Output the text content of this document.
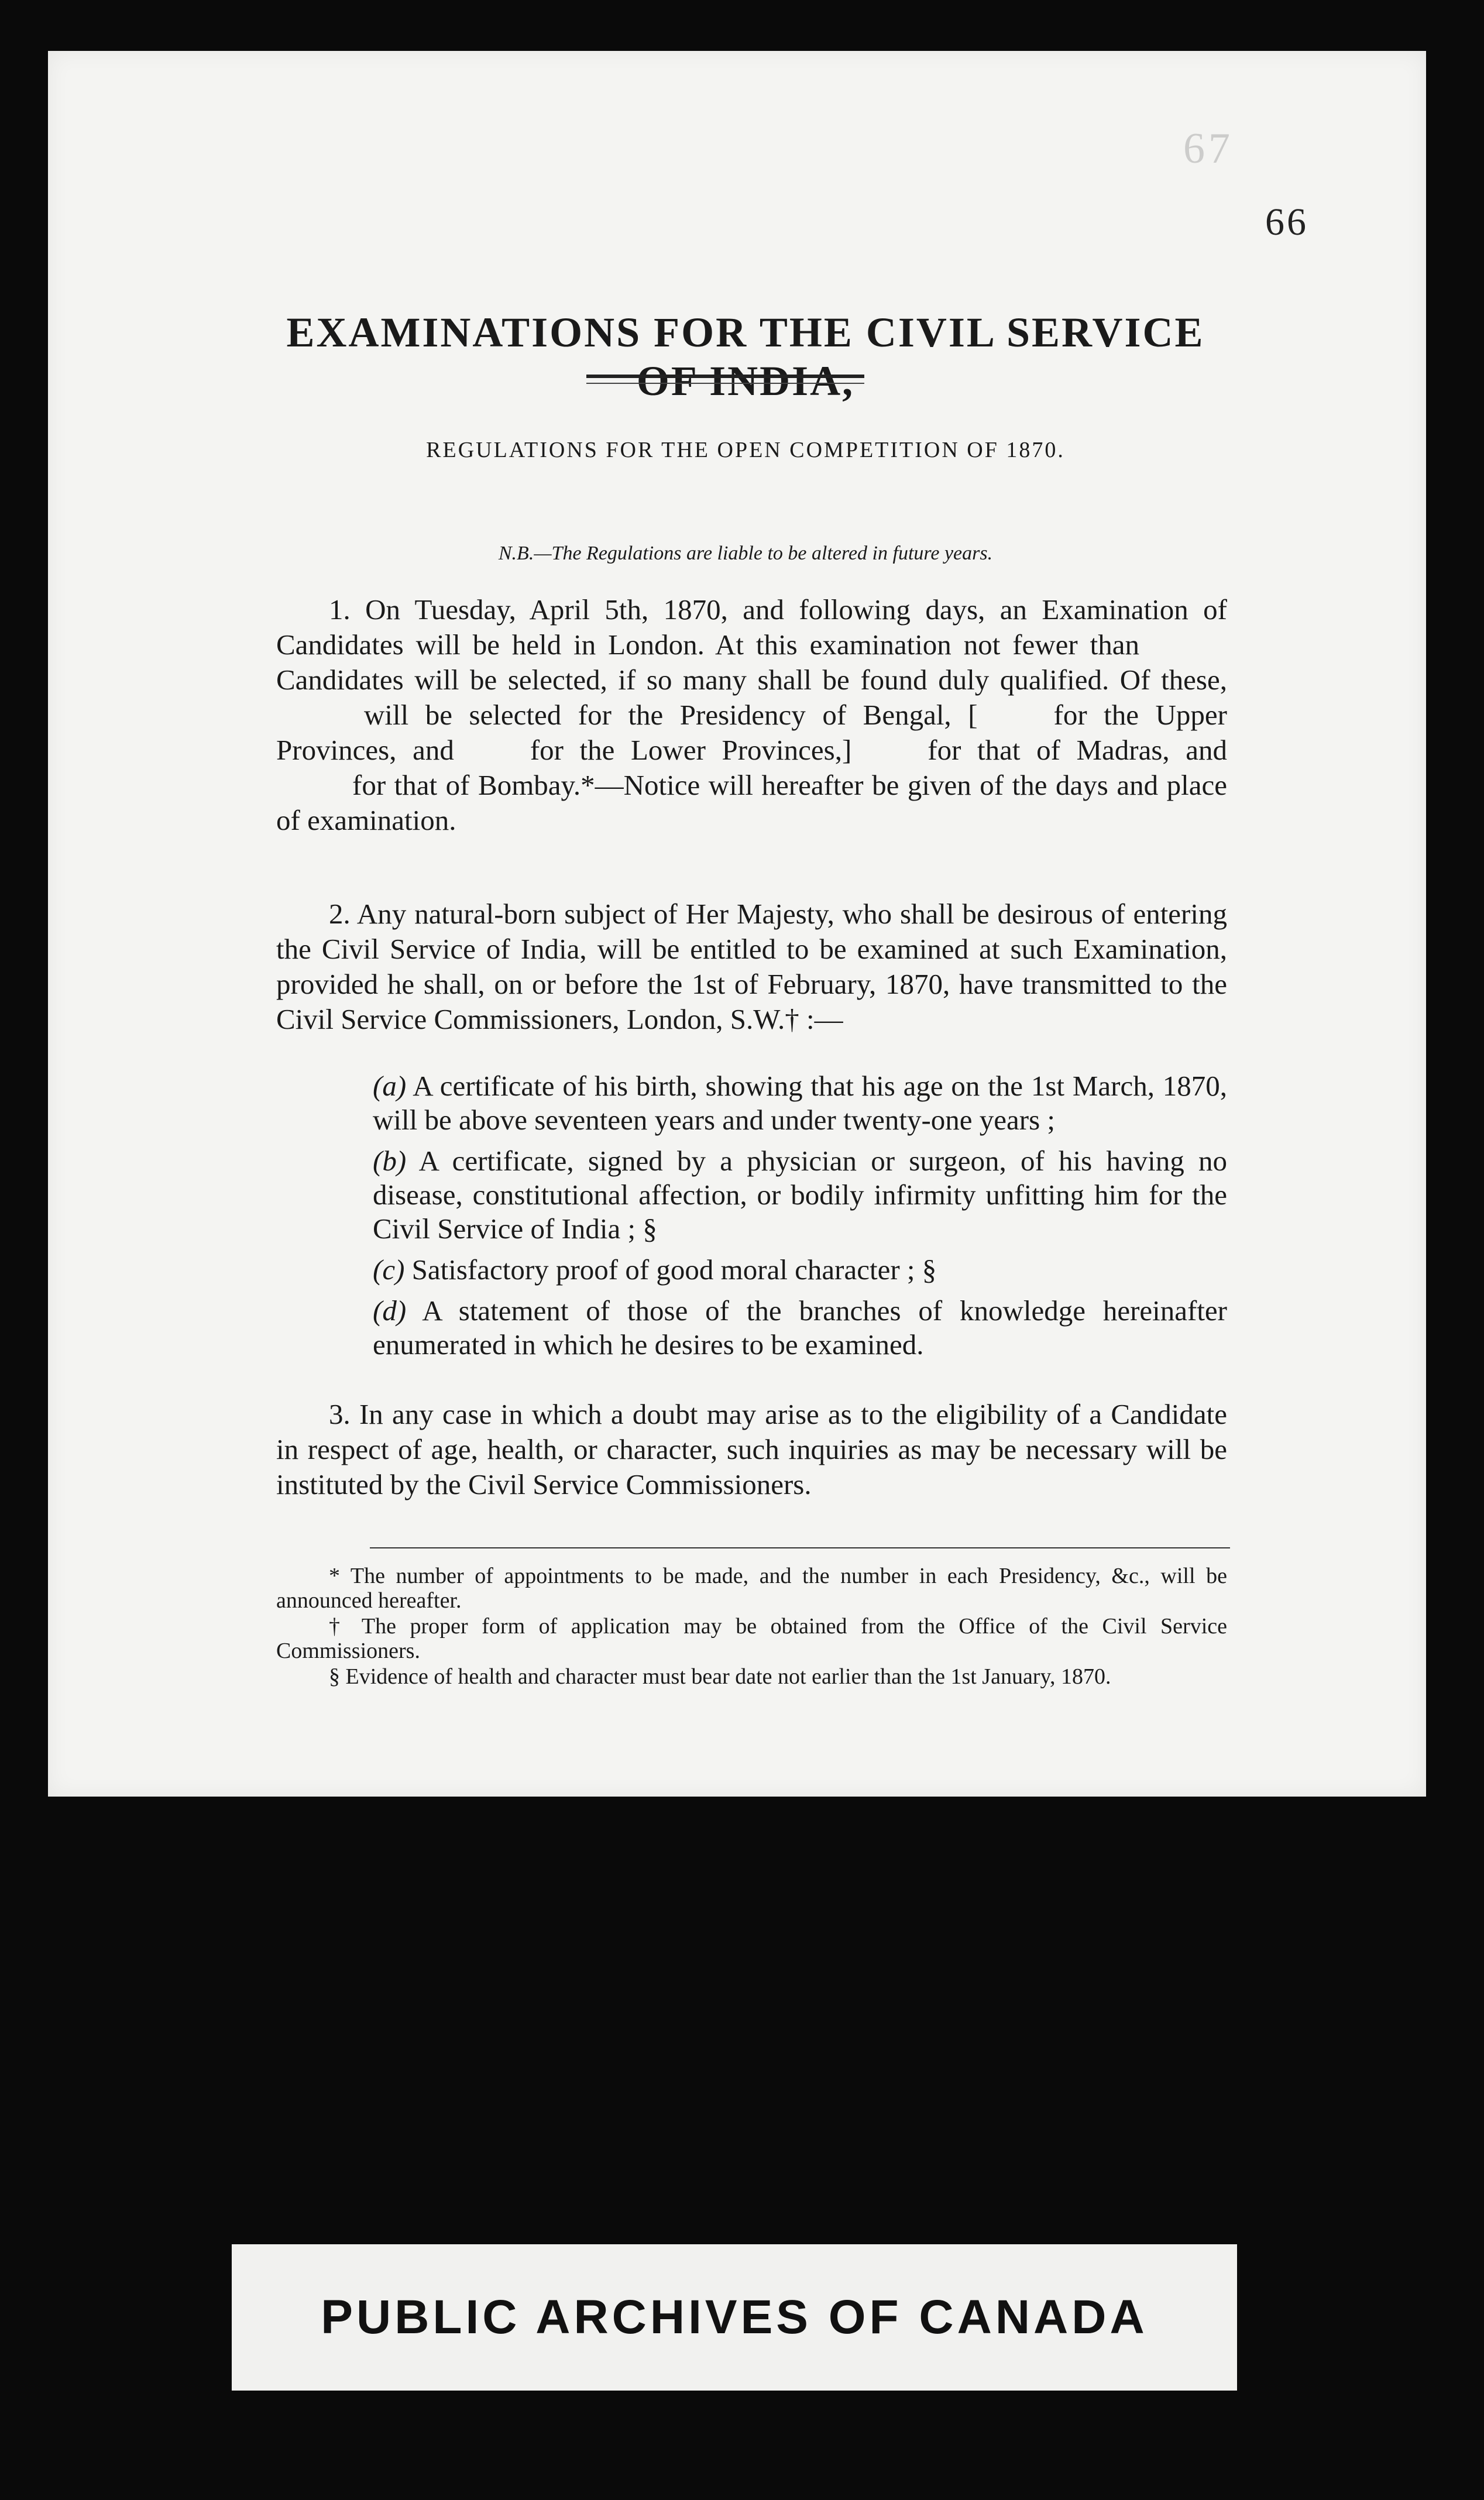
67
66
EXAMINATIONS FOR THE CIVIL SERVICE OF INDIA,
REGULATIONS FOR THE OPEN COMPETITION OF 1870.
N.B.—The Regulations are liable to be altered in future years.
1. On Tuesday, April 5th, 1870, and following days, an Examination of Candidates will be held in London. At this examination not fewer thanCandidates will be selected, if so many shall be found duly qualified. Of these,will be selected for the Presidency of Bengal, [	for the Upper Provinces, and	for the Lower Provinces,]	for that of Madras, andfor that of Bombay.*—Notice will hereafter be given of the days and place of examination.
2. Any natural-born subject of Her Majesty, who shall be desirous of entering the Civil Service of India, will be entitled to be examined at such Examination, provided he shall, on or before the 1st of February, 1870, have transmitted to the Civil Service Commissioners, London, S.W.† :—
(a) A certificate of his birth, showing that his age on the 1st March, 1870, will be above seventeen years and under twenty-one years ;
(b) A certificate, signed by a physician or surgeon, of his having no disease, constitutional affection, or bodily infirmity unfitting him for the Civil Service of India ; §
(c) Satisfactory proof of good moral character ; §
(d) A statement of those of the branches of knowledge hereinafter enumerated in which he desires to be examined.
3. In any case in which a doubt may arise as to the eligibility of a Candidate in respect of age, health, or character, such inquiries as may be necessary will be instituted by the Civil Service Commissioners.
* The number of appointments to be made, and the number in each Presidency, &c., will be announced hereafter.
† The proper form of application may be obtained from the Office of the Civil Service Commissioners.
§ Evidence of health and character must bear date not earlier than the 1st January, 1870.
PUBLIC ARCHIVES OF CANADA
